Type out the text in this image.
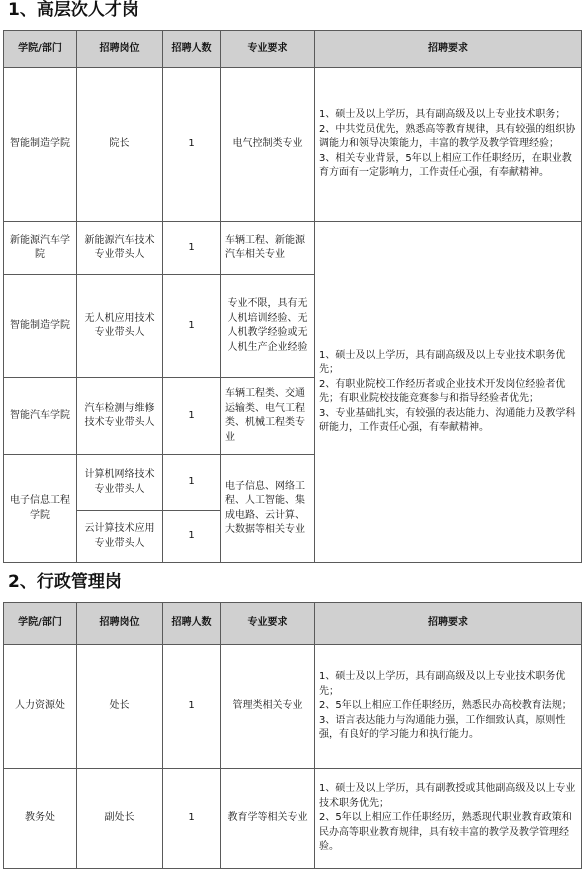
1、高层次人才岗
学院/部门	招聘岗位	招聘人数	专业要求	招聘要求
智能制造学院	院长	1	电气控制类专业	1、硕士及以上学历，具有副高级及以上专业技术职务；

2、中共党员优先，熟悉高等教育规律，具有较强的组织协调能力和领导决策能力，丰富的教学及教学管理经验；

3、相关专业背景，5年以上相应工作任职经历，在职业教育方面有一定影响力，工作责任心强，有奉献精神。

新能源汽车学院	新能源汽车技术专业带头人	1	车辆工程、新能源汽车相关专业	1、硕士及以上学历，具有副高级及以上专业技术职务优先；

2、有职业院校工作经历者或企业技术开发岗位经验者优先；有职业院校技能竞赛参与和指导经验者优先；

3、专业基础扎实，有较强的表达能力、沟通能力及教学科研能力，工作责任心强，有奉献精神。

智能制造学院	无人机应用技术专业带头人	1	专业不限，具有无人机培训经验、无人机教学经验或无人机生产企业经验	
智能汽车学院	汽车检测与维修技术专业带头人	1	车辆工程类、交通运输类、电气工程类、机械工程类专业	
电子信息工程学院	计算机网络技术专业带头人	1	电子信息、网络工程、人工智能、集成电路、云计算、大数据等相关专业	
	云计算技术应用专业带头人	1		
2、行政管理岗
学院/部门	招聘岗位	招聘人数	专业要求	招聘要求
人力资源处	处长	1	管理类相关专业	1、硕士及以上学历，具有副高级及以上专业技术职务优先；

2、5年以上相应工作任职经历，熟悉民办高校教育法规；

3、语言表达能力与沟通能力强，工作细致认真，原则性强，有良好的学习能力和执行能力。

教务处	副处长	1	教育学等相关专业	1、硕士及以上学历，具有副教授或其他副高级及以上专业技术职务优先；

2、5年以上相应工作任职经历，熟悉现代职业教育政策和民办高等职业教育规律，具有较丰富的教学及教学管理经验。
